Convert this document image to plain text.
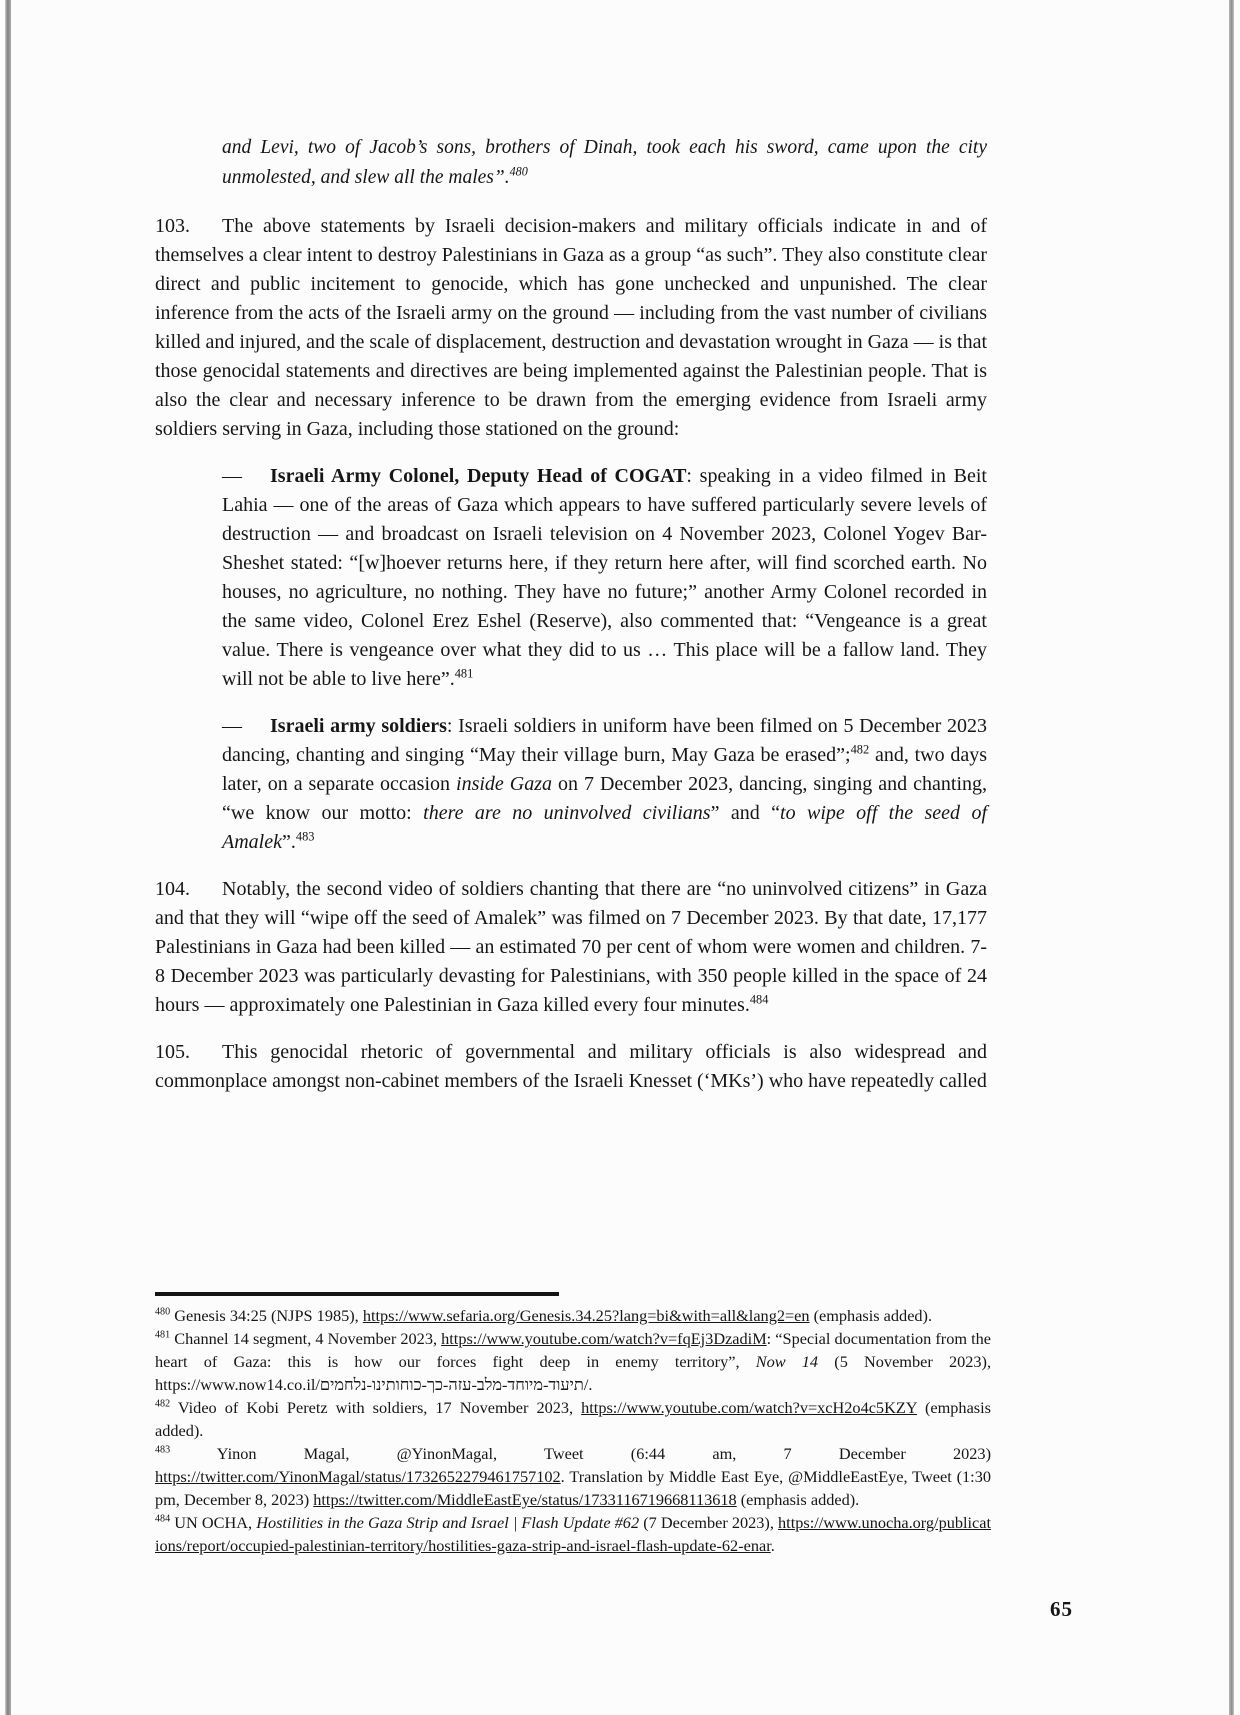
and Levi, two of Jacob’s sons, brothers of Dinah, took each his sword, came upon the city unmolested, and slew all the males”.$^{480}$
103. The above statements by Israeli decision-makers and military officials indicate in and of themselves a clear intent to destroy Palestinians in Gaza as a group “as such”. They also constitute clear direct and public incitement to genocide, which has gone unchecked and unpunished. The clear inference from the acts of the Israeli army on the ground — including from the vast number of civilians killed and injured, and the scale of displacement, destruction and devastation wrought in Gaza — is that those genocidal statements and directives are being implemented against the Palestinian people. That is also the clear and necessary inference to be drawn from the emerging evidence from Israeli army soldiers serving in Gaza, including those stationed on the ground:
— Israeli Army Colonel, Deputy Head of COGAT: speaking in a video filmed in Beit Lahia — one of the areas of Gaza which appears to have suffered particularly severe levels of destruction — and broadcast on Israeli television on 4 November 2023, Colonel Yogev Bar-Sheshet stated: “[w]hoever returns here, if they return here after, will find scorched earth. No houses, no agriculture, no nothing. They have no future;” another Army Colonel recorded in the same video, Colonel Erez Eshel (Reserve), also commented that: “Vengeance is a great value. There is vengeance over what they did to us … This place will be a fallow land. They will not be able to live here”.$^{481}$
— Israeli army soldiers: Israeli soldiers in uniform have been filmed on 5 December 2023 dancing, chanting and singing “May their village burn, May Gaza be erased”;$^{482}$ and, two days later, on a separate occasion inside Gaza on 7 December 2023, dancing, singing and chanting, “we know our motto: there are no uninvolved civilians” and “to wipe off the seed of Amalek”.$^{483}$
104. Notably, the second video of soldiers chanting that there are “no uninvolved citizens” in Gaza and that they will “wipe off the seed of Amalek” was filmed on 7 December 2023. By that date, 17,177 Palestinians in Gaza had been killed — an estimated 70 per cent of whom were women and children. 7-8 December 2023 was particularly devasting for Palestinians, with 350 people killed in the space of 24 hours — approximately one Palestinian in Gaza killed every four minutes.$^{484}$
105. This genocidal rhetoric of governmental and military officials is also widespread and commonplace amongst non-cabinet members of the Israeli Knesset (‘MKs’) who have repeatedly called
$^{480}$ Genesis 34:25 (NJPS 1985), https://www.sefaria.org/Genesis.34.25?lang=bi&with=all&lang2=en (emphasis added).
$^{481}$ Channel 14 segment, 4 November 2023, https://www.youtube.com/watch?v=fqEj3DzadiM: “Special documentation from the heart of Gaza: this is how our forces fight deep in enemy territory”, Now 14 (5 November 2023), https://www.now14.co.il/תיעוד-מיוחד-מלב-עזה-כך-כוחותינו-נלחמים/.
$^{482}$ Video of Kobi Peretz with soldiers, 17 November 2023, https://www.youtube.com/watch?v=xcH2o4c5KZY (emphasis added).
$^{483}$ Yinon Magal, @YinonMagal, Tweet (6:44 am, 7 December 2023) https://twitter.com/YinonMagal/status/1732652279461757102. Translation by Middle East Eye, @MiddleEastEye, Tweet (1:30 pm, December 8, 2023) https://twitter.com/MiddleEastEye/status/1733116719668113618 (emphasis added).
$^{484}$ UN OCHA, Hostilities in the Gaza Strip and Israel | Flash Update #62 (7 December 2023), https://www.unocha.org/publications/report/occupied-palestinian-territory/hostilities-gaza-strip-and-israel-flash-update-62-enar.
65
